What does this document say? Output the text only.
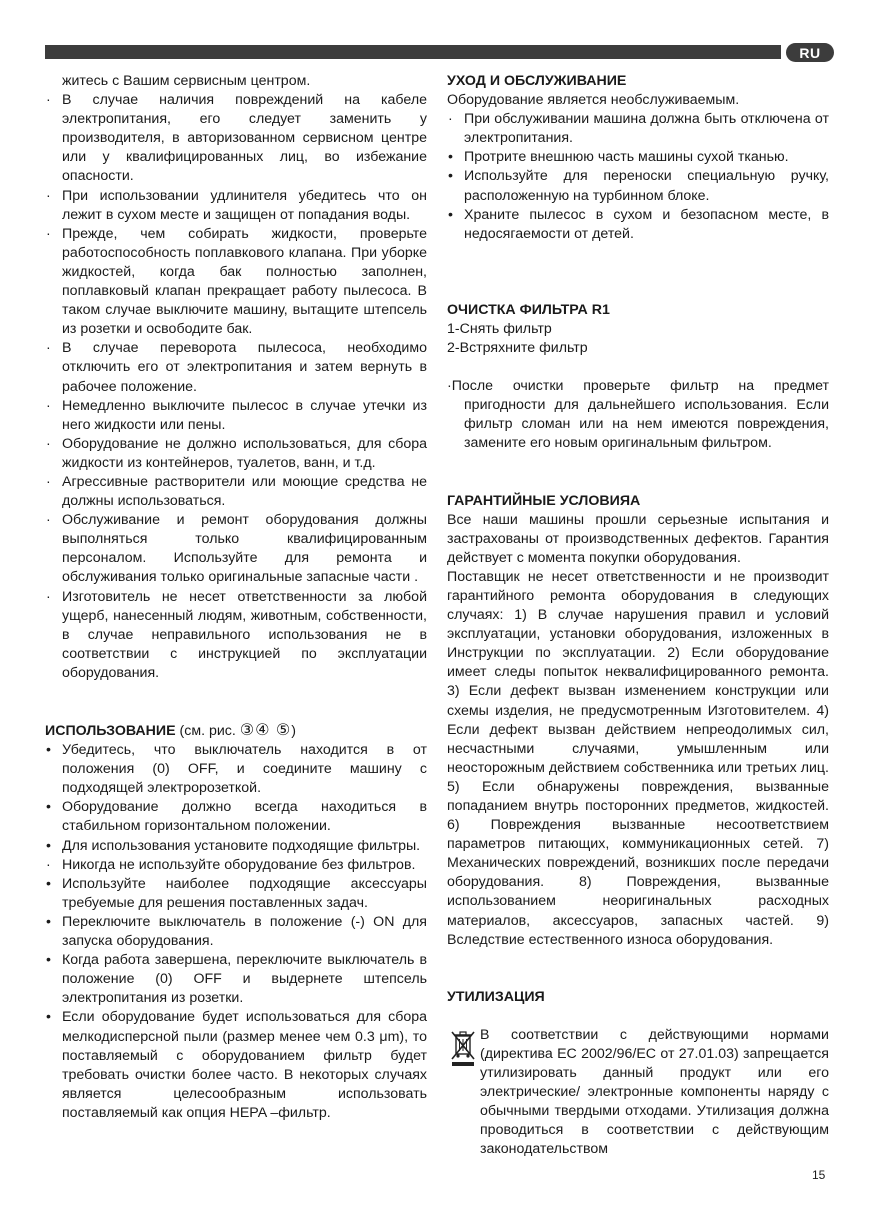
RU
житесь с Вашим сервисным центром.
· В случае наличия повреждений на кабеле электропитания, его следует заменить у производителя, в авторизованном сервисном центре или у квалифицированных лиц, во избежание опасности.
· При использовании удлинителя убедитесь что он лежит в сухом месте и защищен от попадания воды.
· Прежде, чем собирать жидкости, проверьте работоспособность поплавкового клапана. При уборке жидкостей, когда бак полностью заполнен, поплавковый клапан прекращает работу пылесоса. В таком случае выключите машину, вытащите штепсель из розетки и освободите бак.
· В случае переворота пылесоса, необходимо отключить его от электропитания и затем вернуть в рабочее положение.
· Немедленно выключите пылесос в случае утечки из него жидкости или пены.
· Оборудование не должно использоваться, для сбора жидкости из контейнеров, туалетов, ванн, и т.д.
· Агрессивные растворители или моющие средства не должны использоваться.
· Обслуживание и ремонт оборудования должны выполняться только квалифицированным персоналом. Используйте для ремонта и обслуживания только оригинальные запасные части .
· Изготовитель не несет ответственности за любой ущерб, нанесенный людям, животным, собственности, в случае неправильного использования не в соответствии с инструкцией по эксплуатации оборудования.
ИСПОЛЬЗОВАНИЕ (см. рис. ③④ ⑤)
• Убедитесь, что выключатель находится в от положения (0) OFF, и соедините машину с подходящей электророзеткой.
• Оборудование должно всегда находиться в стабильном горизонтальном положении.
• Для использования установите подходящие фильтры.
· Никогда не используйте оборудование без фильтров.
• Используйте наиболее подходящие аксессуары требуемые для решения поставленных задач.
• Переключите выключатель в положение (-) ON для запуска оборудования.
• Когда работа завершена, переключите выключатель в положение (0) OFF и выдернете штепсель электропитания из розетки.
• Если оборудование будет использоваться для сбора мелкодисперсной пыли (размер менее чем 0.3 μm), то поставляемый с оборудованием фильтр будет требовать очистки более часто. В некоторых случаях является целесообразным использовать поставляемый как опция HEPA –фильтр.
УХОД И ОБСЛУЖИВАНИЕ
Оборудование является необслуживаемым.
· При обслуживании машина должна быть отключена от электропитания.
• Протрите внешнюю часть машины сухой тканью.
• Используйте для переноски специальную ручку, расположенную на турбинном блоке.
• Храните пылесос в сухом и безопасном месте, в недосягаемости от детей.
ОЧИСТКА ФИЛЬТРА R1
1-Снять фильтр
2-Встряхните фильтр
·После очистки проверьте фильтр на предмет пригодности для дальнейшего использования. Если фильтр сломан или на нем имеются повреждения, замените его новым оригинальным фильтром.
ГАРАНТИЙНЫЕ УСЛОВИЯA
Все наши машины прошли серьезные испытания и застрахованы от производственных дефектов. Гарантия действует с момента покупки оборудования.
Поставщик не несет ответственности и не производит гарантийного ремонта оборудования в следующих случаях: 1) В случае нарушения правил и условий эксплуатации, установки оборудования, изложенных в Инструкции по эксплуатации. 2) Если оборудование имеет следы попыток неквалифицированного ремонта. 3) Если дефект вызван изменением конструкции или схемы изделия, не предусмотренным Изготовителем. 4) Если дефект вызван действием непреодолимых сил, несчастными случаями, умышленным или неосторожным действием собственника или третьих лиц. 5) Если обнаружены повреждения, вызванные попаданием внутрь посторонних предметов, жидкостей. 6) Повреждения вызванные несоответствием параметров питающих, коммуникационных сетей. 7) Механических повреждений, возникших после передачи оборудования. 8) Повреждения, вызванные использованием неоригинальных расходных материалов, аксессуаров, запасных частей. 9) Вследствие естественного износа оборудования.
УТИЛИЗАЦИЯ
В соответствии с действующими нормами (директива EC 2002/96/EC от 27.01.03) запрещается утилизировать данный продукт или его электрические/ электронные компоненты наряду с обычными твердыми отходами. Утилизация должна проводиться в соответствии с действующим законодательством
15
